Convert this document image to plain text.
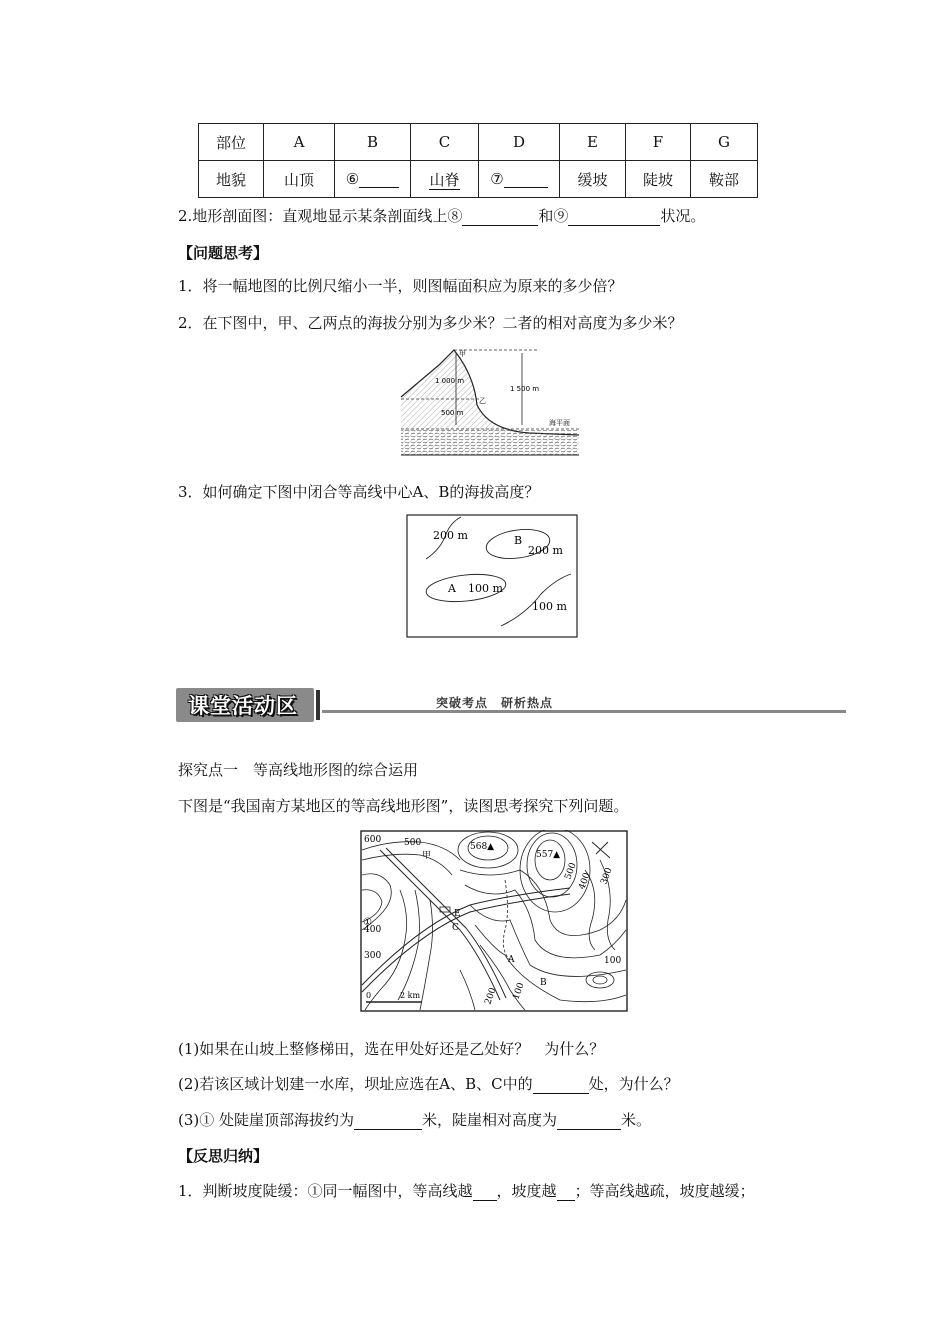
部位	A	B	C	D	E	F	G
地貌	山顶	⑥	山脊	⑦	缓坡	陡坡	鞍部
2.地形剖面图：直观地显示某条剖面线上⑧	和⑨	状况。
【问题思考】
1．将一幅地图的比例尺缩小一半，则图幅面积应为原来的多少倍？
2．在下图中，甲、乙两点的海拔分别为多少米？二者的相对高度为多少米？
甲
乙
1 000 m
500 m
1 500 m
海平面
3．如何确定下图中闭合等高线中心A、B的海拔高度？
200 m	B
200 m
A 100 m
100 m
课堂活动区	突破考点　研析热点
探究点一　等高线地形图的综合运用
下图是“我国南方某地区的等高线地形图”，读图思考探究下列问题。
600	500	568▲
557▲
500
400
300
400 300
甲
①
E
C
A	100
B
200 100
0	2 km
(1)如果在山坡上整修梯田，选在甲处好还是乙处好？　为什么？
(2)若该区域计划建一水库，坝址应选在A、B、C中的	处，为什么？
(3)① 处陡崖顶部海拔约为	米，陡崖相对高度为	米。
【反思归纳】
1．判断坡度陡缓：①同一幅图中，等高线越 ，坡度越 ；等高线越疏，坡度越缓；
